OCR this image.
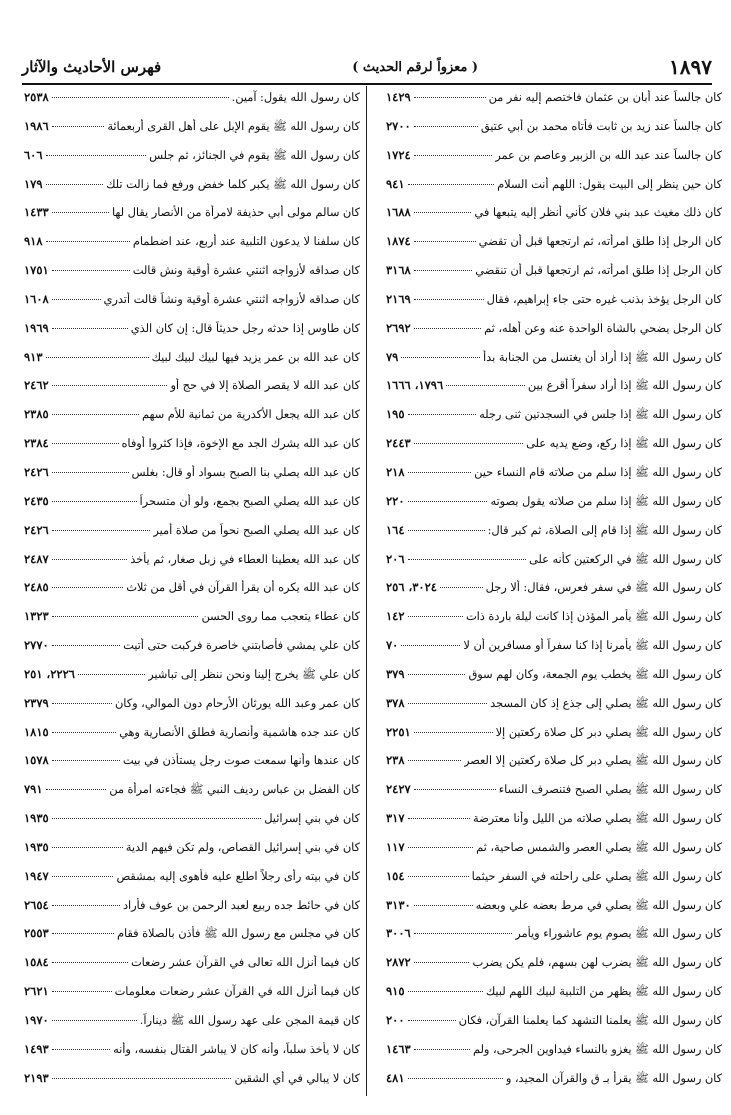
١٨٩٧
( معزواً لرقم الحديث )
فهرس الأحاديث والآثار
كان جالساً عند أبان بن عثمان فاختصم إليه نفر من
١٤٢٩
كان جالساً عند زيد بن ثابت فأتاه محمد بن أبي عتيق
٢٧٠٠
كان جالساً عند عبد الله بن الزبير وعاصم بن عمر
١٧٢٤
كان حين ينظر إلى البيت يقول: اللهم أنت السلام
٩٤١
كان ذلك مغيث عبد بني فلان كأني أنظر إليه يتبعها في
١٦٨٨
كان الرجل إذا طلق امرأته، ثم ارتجعها قبل أن تقضي
١٨٧٤
كان الرجل إذا طلق امرأته، ثم ارتجعها قبل أن تنقضي
٣١٦٨
كان الرجل يؤخذ بذنب غيره حتى جاء إبراهيم، فقال
٢١٦٩
كان الرجل يضحي بالشاة الواحدة عنه وعن أهله، ثم
٢٦٩٢
كان رسول الله ﷺ إذا أراد أن يغتسل من الجنابة بدأ
٧٩
كان رسول الله ﷺ إذا أراد سفراً أقرع بين
١٧٩٦، ١٦٦٦
كان رسول الله ﷺ إذا جلس في السجدتين ثنى رجله
١٩٥
كان رسول الله ﷺ إذا ركع، وضع يديه على
٢٤٤٣
كان رسول الله ﷺ إذا سلم من صلاته قام النساء حين
٢١٨
كان رسول الله ﷺ إذا سلم من صلاته يقول بصوته
٢٢٠
كان رسول الله ﷺ إذا قام إلى الصلاة، ثم كبر قال:
١٦٤
كان رسول الله ﷺ في الركعتين كأنه على
٢٠٦
كان رسول الله ﷺ في سفر فعرس، فقال: ألا رجل
٣٠٢٤، ٢٥٦
كان رسول الله ﷺ يأمر المؤذن إذا كانت ليلة باردة ذات
١٤٢
كان رسول الله ﷺ يأمرنا إذا كنا سفراً أو مسافرين أن لا
٧٠
كان رسول الله ﷺ يخطب يوم الجمعة، وكان لهم سوق
٣٧٩
كان رسول الله ﷺ يصلي إلى جذع إذ كان المسجد
٣٧٨
كان رسول الله ﷺ يصلي دبر كل صلاة ركعتين إلا
٢٢٥١
كان رسول الله ﷺ يصلي دبر كل صلاة ركعتين إلا العصر
٢٣٨
كان رسول الله ﷺ يصلي الصبح فتنصرف النساء
٢٤٢٧
كان رسول الله ﷺ يصلي صلاته من الليل وأنا معترضة
٣١٧
كان رسول الله ﷺ يصلي العصر والشمس صاحية، ثم
١١٧
كان رسول الله ﷺ يصلي على راحلته في السفر حيثما
١٥٤
كان رسول الله ﷺ يصلي في مرط بعضه علي وبعضه
٣١٣٠
كان رسول الله ﷺ يصوم يوم عاشوراء ويأمر
٣٠٠٦
كان رسول الله ﷺ يضرب لهن بسهم، فلم يكن يضرب
٢٨٧٢
كان رسول الله ﷺ يظهر من التلبية لبيك اللهم لبيك
٩١٥
كان رسول الله ﷺ يعلمنا التشهد كما يعلمنا القرآن، فكان
٢٠٠
كان رسول الله ﷺ يغزو بالنساء فيداوين الجرحى، ولم
١٤٦٣
كان رسول الله ﷺ يقرأ بـ ق والقرآن المجيد، و
٤٨١
كان رسول الله يقول: آمين.
٢٥٣٨
كان رسول الله ﷺ يقوم الإبل على أهل القرى أربعمائة
١٩٨٦
كان رسول الله ﷺ يقوم في الجنائز، ثم جلس
٦٠٦
كان رسول الله ﷺ يكبر كلما خفض ورفع فما زالت تلك
١٧٩
كان سالم مولى أبي حذيفة لامرأة من الأنصار يقال لها
١٤٣٣
كان سلفنا لا يدعون التلبية عند أربع، عند اضطمام
٩١٨
كان صداقه لأزواجه اثنتي عشرة أوقية ونش قالت
١٧٥١
كان صداقه لأزواجه اثنتي عشرة أوقية ونشاً قالت أتدري
١٦٠٨
كان طاوس إذا حدثه رجل حديثاً قال: إن كان الذي
١٩٦٩
كان عبد الله بن عمر يزيد فيها لبيك لبيك لبيك
٩١٣
كان عبد الله لا يقصر الصلاة إلا في حج أو
٢٤٦٢
كان عبد الله يجعل الأكدرية من ثمانية للأم سهم
٢٣٨٥
كان عبد الله يشرك الجد مع الإخوة، فإذا كثروا أوفاه
٢٣٨٤
كان عبد الله يصلي بنا الصبح بسواد أو قال: بغلس
٢٤٢٦
كان عبد الله يصلي الصبح بجمع، ولو أن متسحراً
٢٤٣٥
كان عبد الله يصلي الصبح نحواً من صلاة أمير
٢٤٢٦
كان عبد الله يعطينا العطاء في زبل صغار، ثم يأخذ
٢٤٨٧
كان عبد الله يكره أن يقرأ القرآن في أقل من ثلاث
٢٤٨٥
كان عطاء يتعجب مما روى الحسن
١٣٢٣
كان علي يمشي فأصابتني خاصرة فركبت حتى أتيت
٢٧٧٠
كان علي ﷺ يخرج إلينا ونحن ننظر إلى تباشير
٢٢٢٦، ٢٥١
كان عمر وعبد الله يورثان الأرحام دون الموالي، وكان
٢٣٧٩
كان عند جده هاشمية وأنصارية فطلق الأنصارية وهي
١٨١٥
كان عندها وأنها سمعت صوت رجل يستأذن في بيت
١٥٧٨
كان الفضل بن عباس رديف النبي ﷺ فجاءته امرأة من
٧٩١
كان في بني إسرائيل
١٩٣٥
كان في بني إسرائيل القصاص، ولم تكن فيهم الدية
١٩٣٥
كان في بيته رأى رجلاً اطلع عليه فأهوى إليه بمشقص
١٩٤٧
كان في حائط جده ربيع لعبد الرحمن بن عوف فأراد
٢٦٥٤
كان في مجلس مع رسول الله ﷺ فأذن بالصلاة فقام
٢٥٥٣
كان فيما أنزل الله تعالى في القرآن عشر رضعات
١٥٨٤
كان فيما أنزل الله في القرآن عشر رضعات معلومات
٢٦٢١
كان قيمة المجن على عهد رسول الله ﷺ ديناراً.
١٩٧٠
كان لا يأخذ سلباً، وأنه كان لا يباشر القتال بنفسه، وأنه
١٤٩٣
كان لا يبالي في أي الشقين
٢١٩٣
